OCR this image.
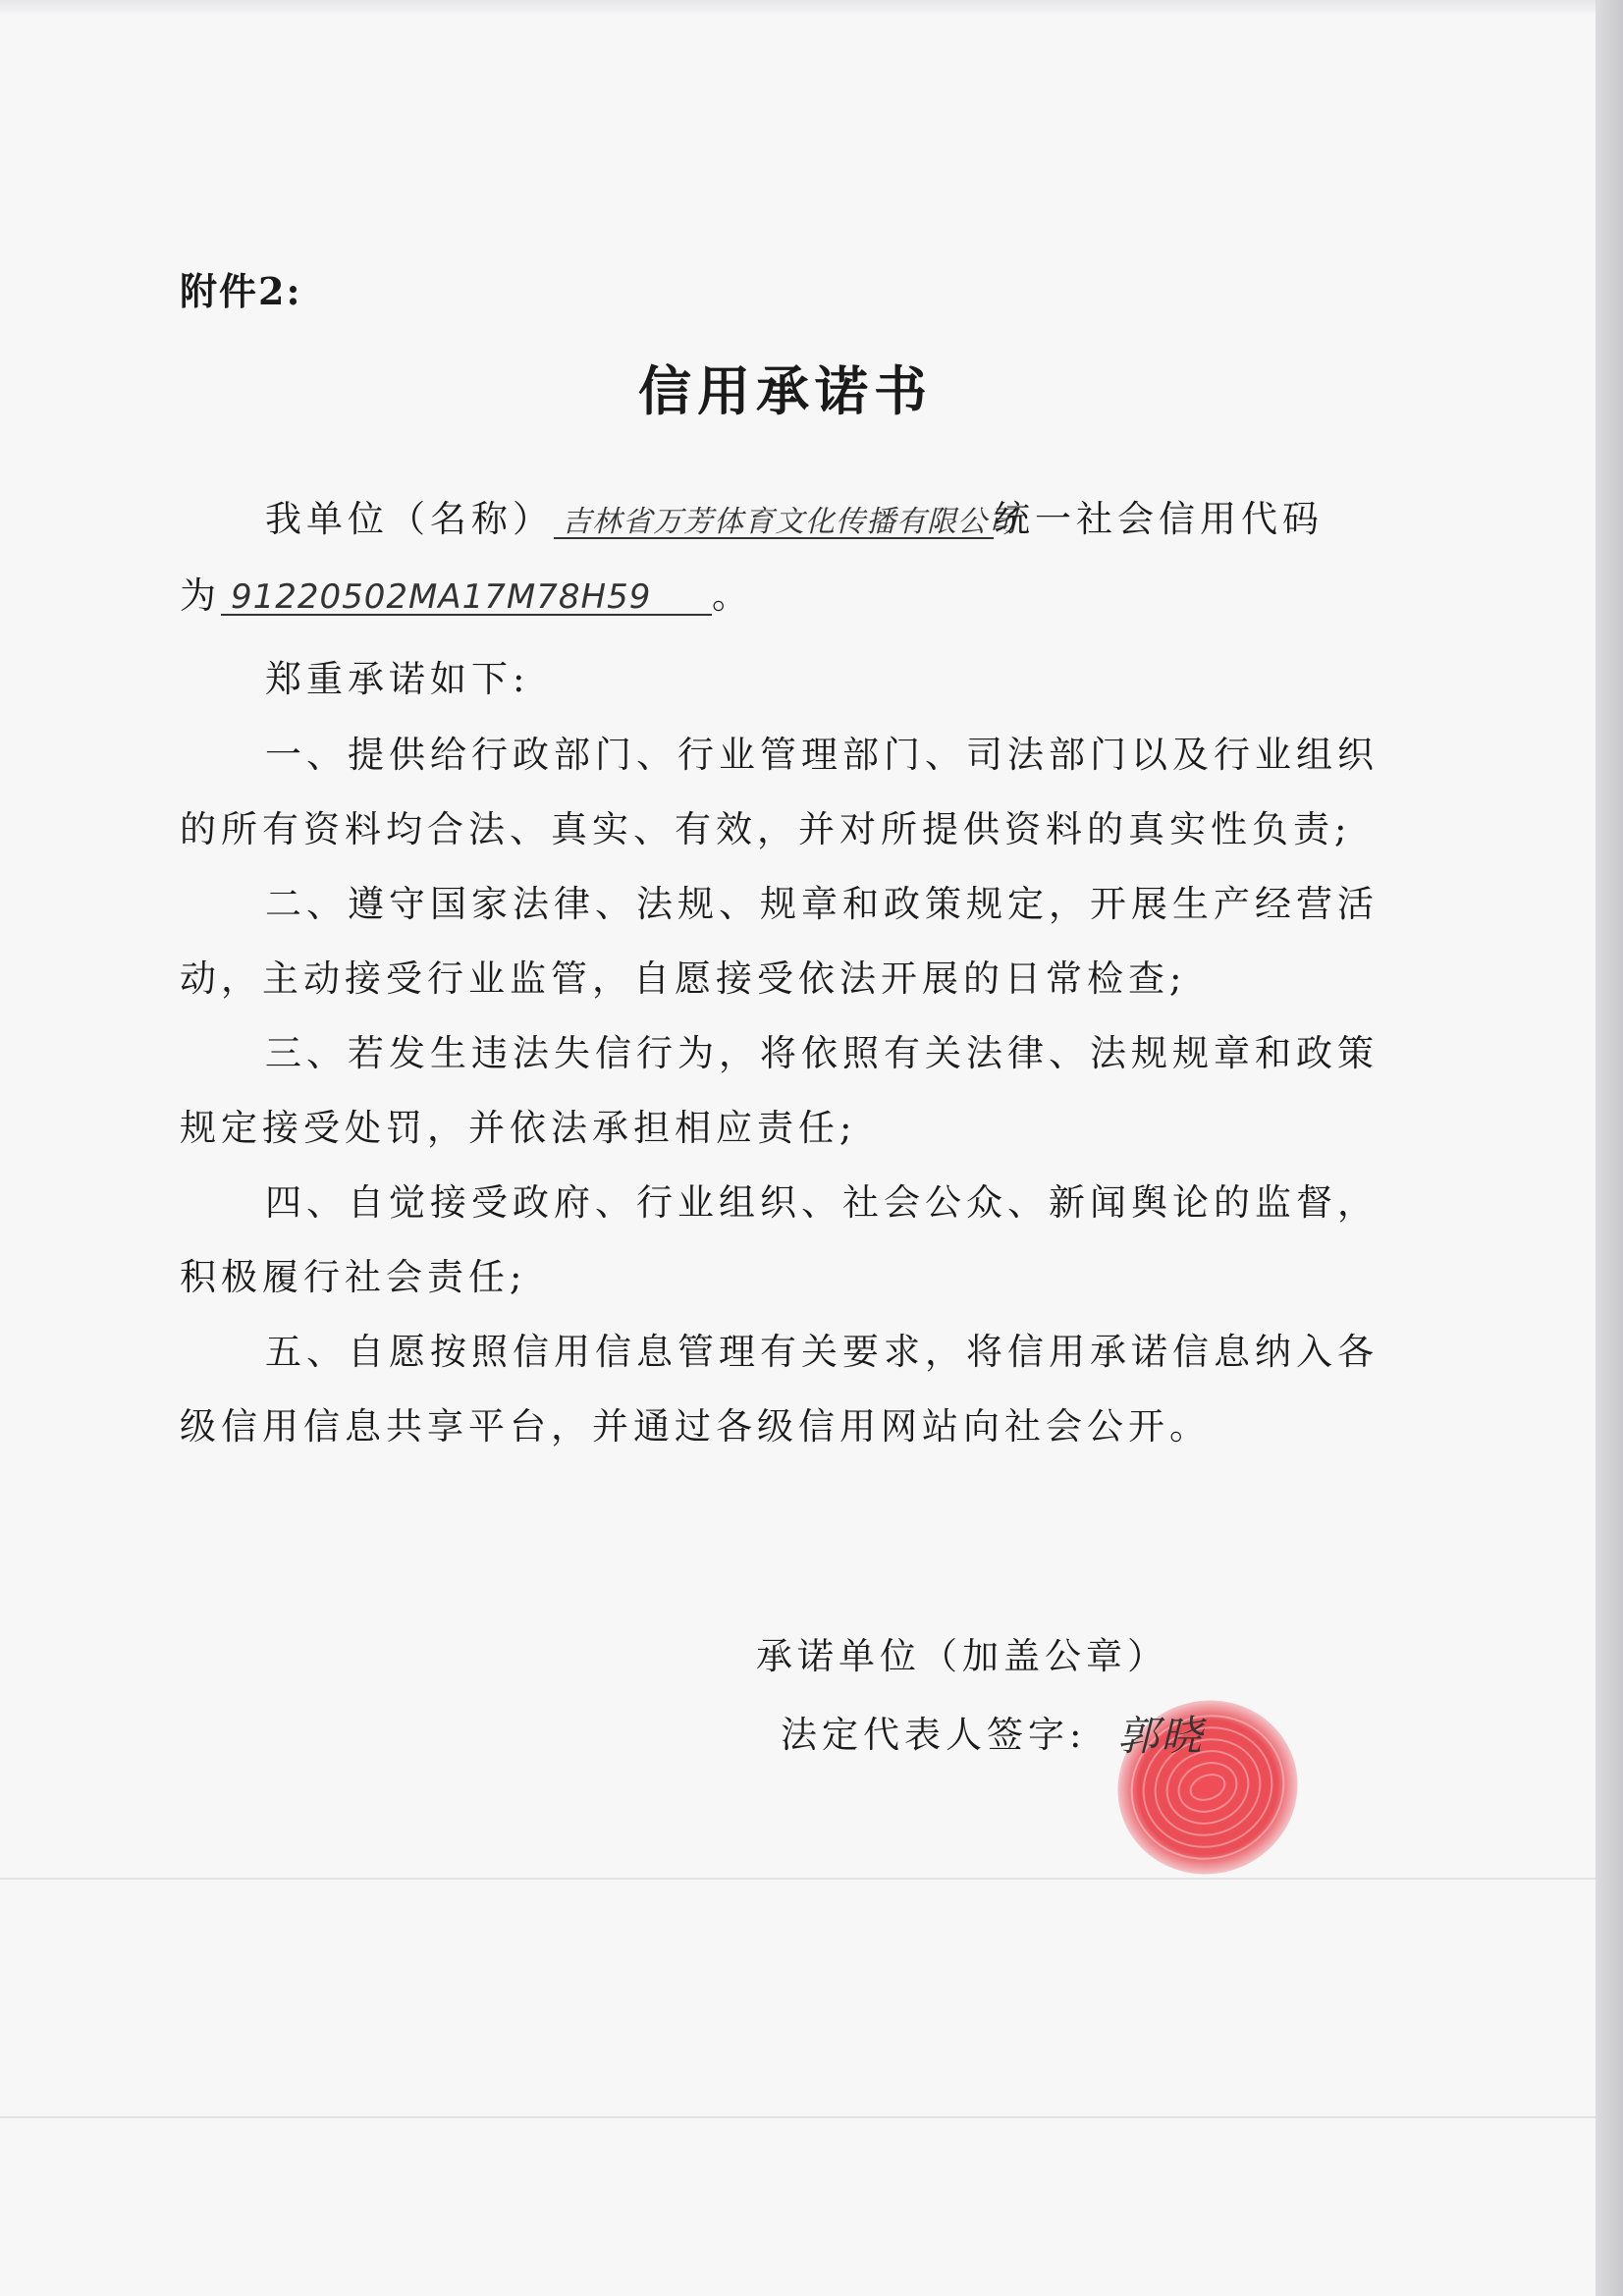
附件2:
信用承诺书
我单位（名称） 吉林省万芳体育文化传播有限公司统一社会信用代码
为 91220502MA17M78H59 。
郑重承诺如下:
一、提供给行政部门、行业管理部门、司法部门以及行业组织
的所有资料均合法、真实、有效，并对所提供资料的真实性负责;
二、遵守国家法律、法规、规章和政策规定，开展生产经营活
动，主动接受行业监管，自愿接受依法开展的日常检查;
三、若发生违法失信行为，将依照有关法律、法规规章和政策
规定接受处罚，并依法承担相应责任;
四、自觉接受政府、行业组织、社会公众、新闻舆论的监督，
积极履行社会责任;
五、自愿按照信用信息管理有关要求，将信用承诺信息纳入各
级信用信息共享平台，并通过各级信用网站向社会公开。
承诺单位（加盖公章）
法定代表人签字: 郭晓
